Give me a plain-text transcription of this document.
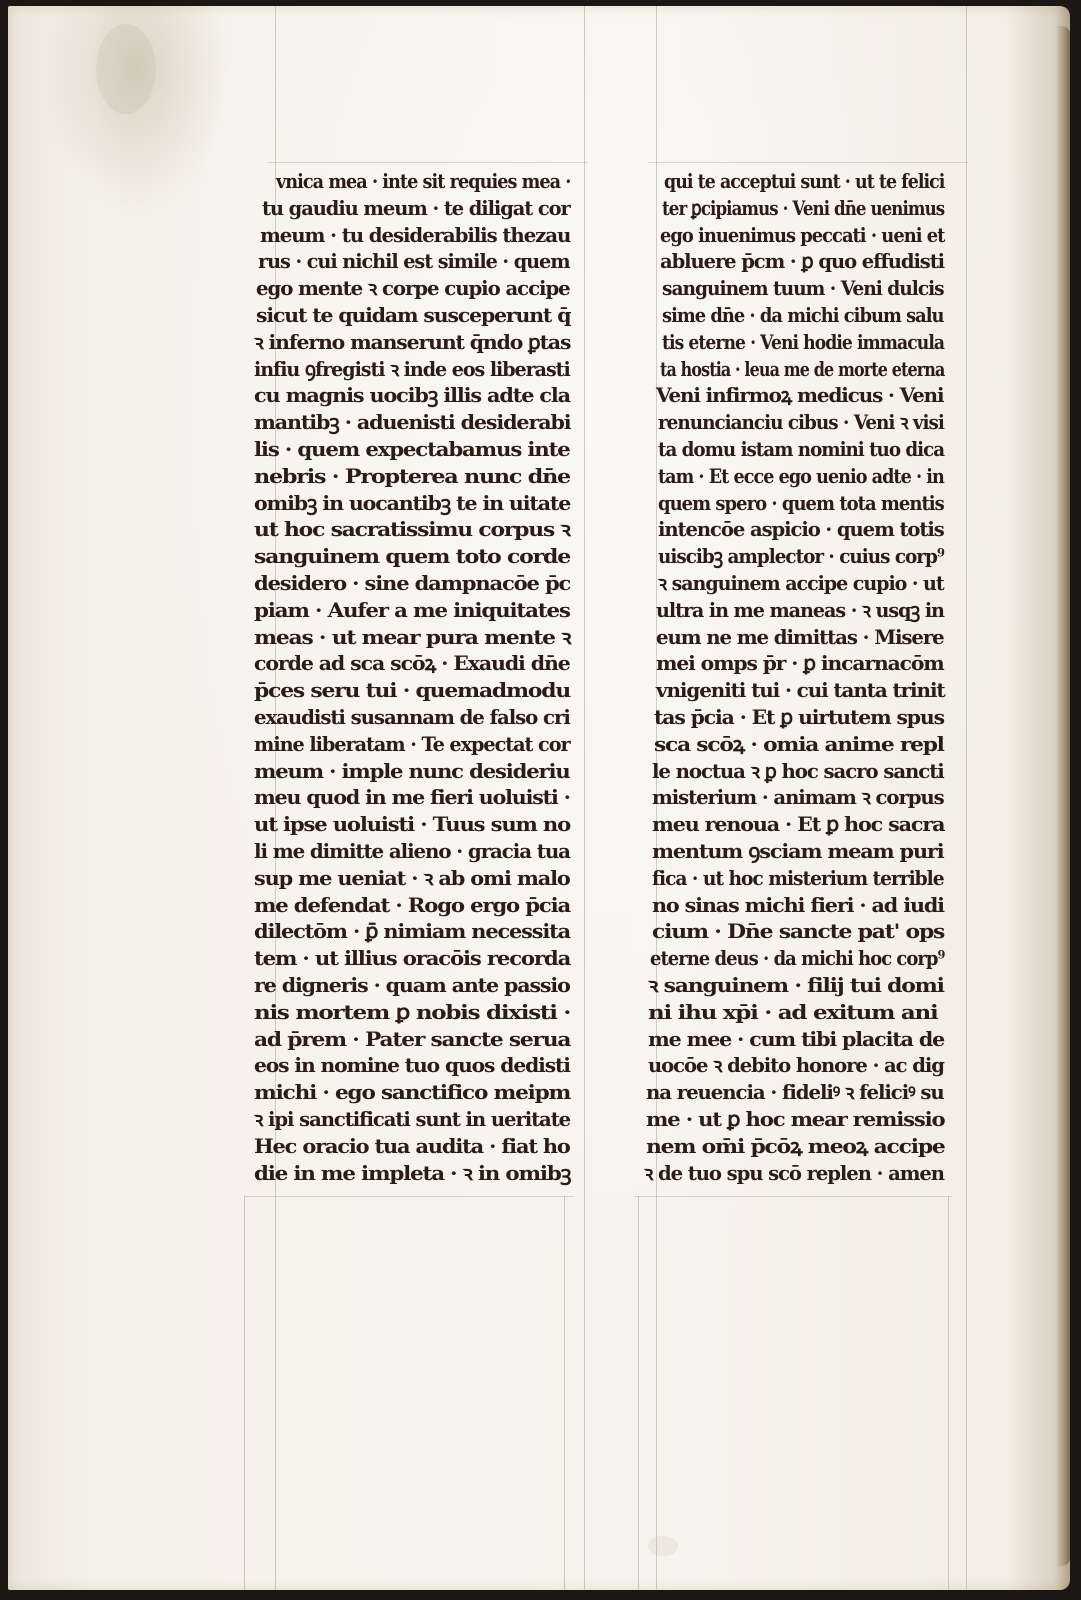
vnica mea · inte sit requies mea ·
tu gaudiu meum · te diligat cor
meum · tu desiderabilis thezau
rus · cui nichil est simile · quem
ego mente ꝛ corpe cupio accipe
sicut te quidam susceperunt q̄
ꝛ inferno manserunt q̄ndo ꝑtas
infiu ꝯfregisti ꝛ inde eos liberasti
cu magnis uocibꝫ illis adte cla
mantibꝫ · aduenisti desiderabi
lis · quem expectabamus inte
nebris · Propterea nunc dn̄e
omibꝫ in uocantibꝫ te in uitate
ut hoc sacratissimu corpus ꝛ
sanguinem quem toto corde
desidero · sine dampnacōe p̄c
piam · Aufer a me iniquitates
meas · ut mear pura mente ꝛ
corde ad sca scōꝝ · Exaudi dn̄e
p̄ces seru tui · quemadmodu
exaudisti susannam de falso cri
mine liberatam · Te expectat cor
meum · imple nunc desideriu
meu quod in me fieri uoluisti ·
ut ipse uoluisti · Tuus sum no
li me dimitte alieno · gracia tua
sup me ueniat · ꝛ ab omi malo
me defendat · Rogo ergo p̄cia
dilectōm · ꝑ̄ nimiam necessita
tem · ut illius oracōis recorda
re digneris · quam ante passio
nis mortem ꝑ nobis dixisti ·
ad p̄rem · Pater sancte serua
eos in nomine tuo quos dedisti
michi · ego sanctifico meipm
ꝛ ipi sanctificati sunt in ueritate
Hec oracio tua audita · fiat ho
die in me impleta · ꝛ in omibꝫ
qui te acceptui sunt · ut te felici
ter ꝑcipiamus · Veni dn̄e uenimus
ego inuenimus peccati · ueni et
abluere p̄cm · ꝑ quo effudisti
sanguinem tuum · Veni dulcis
sime dn̄e · da michi cibum salu
tis eterne · Veni hodie immacula
ta hostia · leua me de morte eterna
Veni infirmoꝝ medicus · Veni
renuncianciu cibus · Veni ꝛ visi
ta domu istam nomini tuo dica
tam · Et ecce ego uenio adte · in
quem spero · quem tota mentis
intencōe aspicio · quem totis
uiscibꝫ amplector · cuius corp⁹
ꝛ sanguinem accipe cupio · ut
ultra in me maneas · ꝛ usqꝫ in
eum ne me dimittas · Misere
mei omps p̄r · ꝑ incarnacōm
vnigeniti tui · cui tanta trinit
tas p̄cia · Et ꝑ uirtutem spus
sca scōꝝ · omia anime repl
le noctua ꝛ ꝑ hoc sacro sancti
misterium · animam ꝛ corpus
meu renoua · Et ꝑ hoc sacra
mentum ꝯsciam meam puri
fica · ut hoc misterium terrible
no sinas michi fieri · ad iudi
cium · Dn̄e sancte pat' ops
eterne deus · da michi hoc corp⁹
ꝛ sanguinem · filij tui domi
ni ihu xp̄i · ad exitum ani
me mee · cum tibi placita de
uocōe ꝛ debito honore · ac dig
na reuencia · fideliꝰ ꝛ feliciꝰ su
me · ut ꝑ hoc mear remissio
nem om̄i p̄cōꝝ meoꝝ accipe
ꝛ de tuo spu scō replen · amen
